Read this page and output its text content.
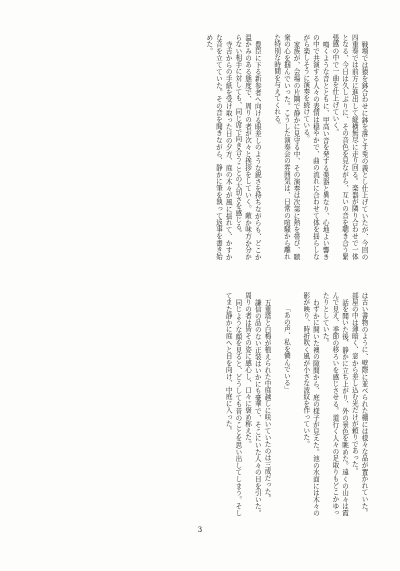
戦場では猿を鉢合わせに鉢を落とす兎の義とし仕上げていたが、今回の四重奏では前方に進出して縦横無尽に走り回る。楽器が隣り合わせで一体となる、今日は久しぶりに、その音色を見ながら、互いの音を聴き合う緊張感の中で一曲を仕上げていく。

鳴くような音とともに、甲高い音を発する楽器と異なり、心地よい響きの中で共演する人々の表情は穏やかで、曲の流れに合わせて体を揺らしながら楽しそうに演奏を続けている。

家族が、会場の片隅で静かに見守る中、その演奏は次第に熱を帯び、聴衆の心を掴んでいった。こうした演奏会の雰囲気は、日常の喧騒から離れた特別な時間を与えてくれる。

豊臣に下る新参者へ向ける眼差しのような鋭さを持ちながらも、どこか温かみのある態度で、周りの者が次々と挨拶をしていく。敵か味方か分からない相手に対しても、同じ席で向き合うことの大切さを感じる。

寺吉からの手紙を受け取った日の夕方、庭の木々が風に揺れて、かすかな音を立てていた。その音を聞きながら、静かに筆を執って返事を書き始めた。

は古い書物のように、壁際に並べられた棚には様々な品が置かれていた。部屋の中は薄暗く、窓から差し込む光だけが頼りであった。

話を聞いた後、静かに立ち上がり、外の景色を眺めた。遠くの山々は霞んで見え、季節の移ろいを感じさせる。道行く人々の足取りもどこかゆったりとしていた。

わずかに開いた襖の隙間から、庭の様子が見えた。池の水面には木々の影が映り、時折吹く風が小さな波紋を作っていた。

「あの声、私を憐んでいる」

五重塔と白梅が植えられた中庭越しに咲いていたのは三成だった。

謙信の品のない正装はいかにも豪華で、そこにいた人々の目を引いた。周りの者は皆その姿に感心し、口々に褒め称えた。

同じような顔を見ると、どうしても昔のことを思い出してしまう。そしてまた静かに庭へと目を向け、中庭に入った。

3
